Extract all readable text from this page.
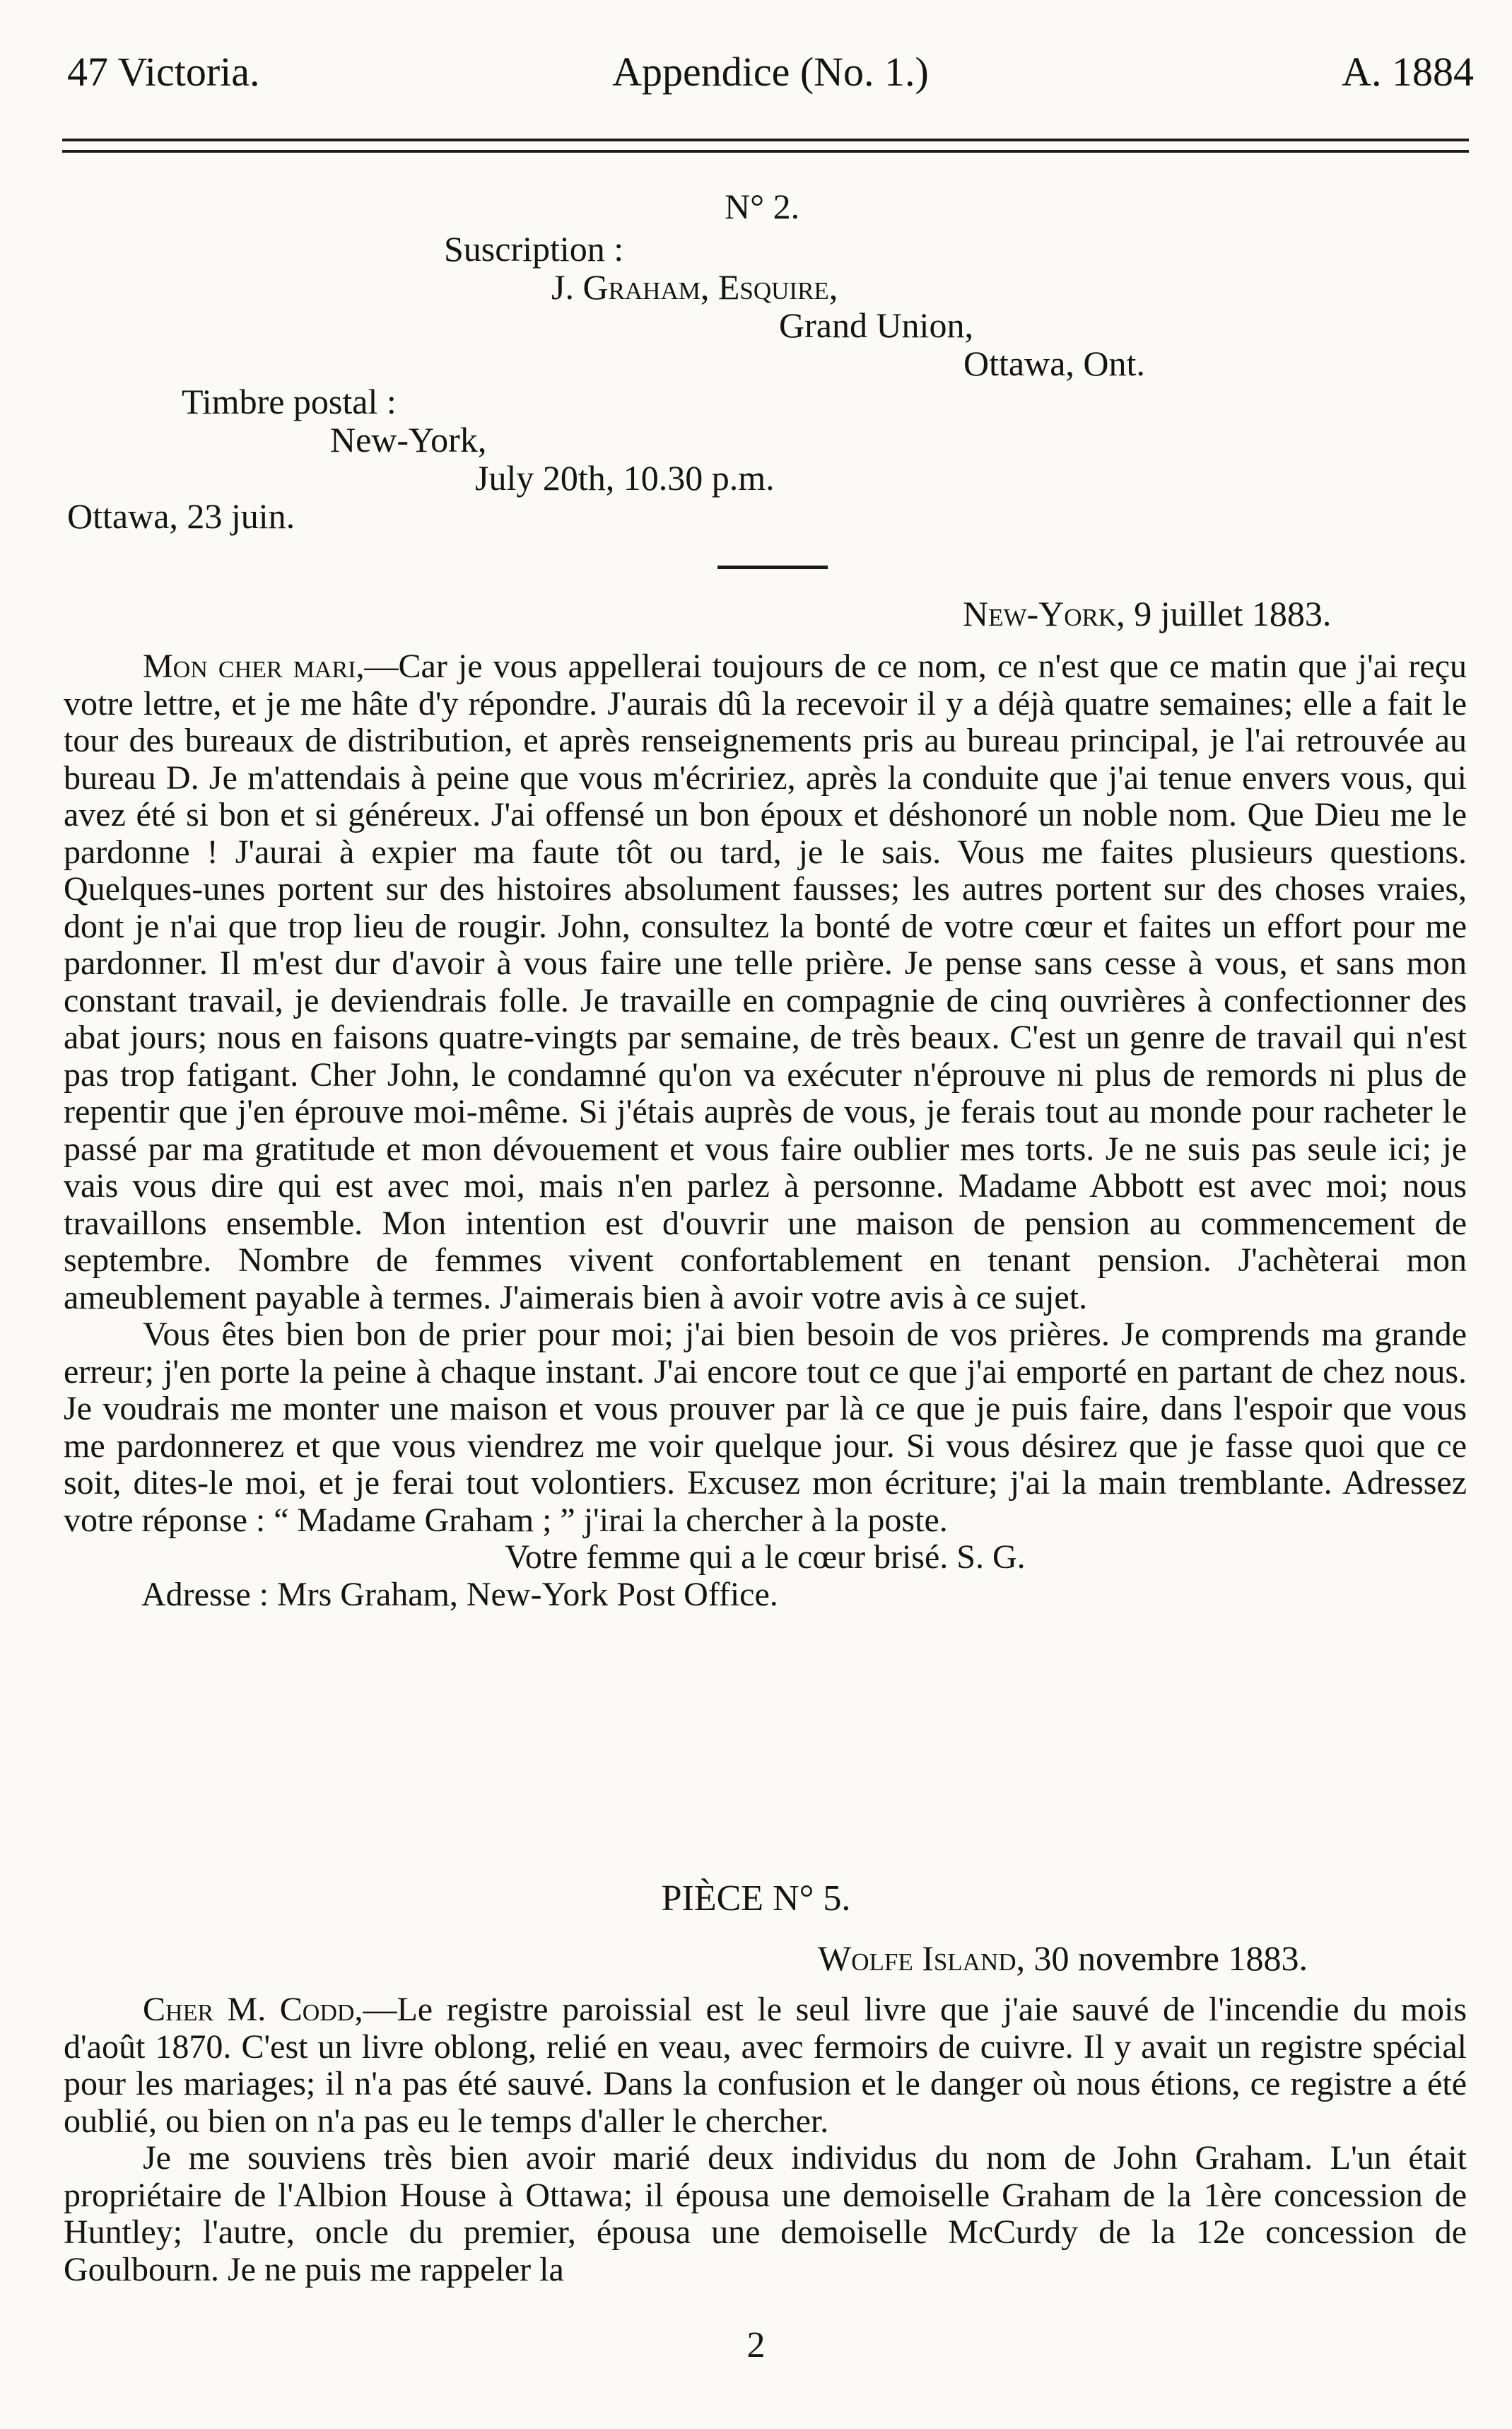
47 Victoria.	Appendice (No. 1.)	A. 1884
N° 2.
Suscription :
J. Graham, Esquire,
Grand Union,
Ottawa, Ont.
Timbre postal :
New-York,
July 20th, 10.30 p.m.
Ottawa, 23 juin.
New-York, 9 juillet 1883.

Mon cher mari,—Car je vous appellerai toujours de ce nom, ce n'est que ce matin que j'ai reçu votre lettre, et je me hâte d'y répondre. J'aurais dû la recevoir il y a déjà quatre semaines; elle a fait le tour des bureaux de distribution, et après renseignements pris au bureau principal, je l'ai retrouvée au bureau D. Je m'attendais à peine que vous m'écririez, après la conduite que j'ai tenue envers vous, qui avez été si bon et si généreux. J'ai offensé un bon époux et déshonoré un noble nom. Que Dieu me le pardonne ! J'aurai à expier ma faute tôt ou tard, je le sais. Vous me faites plusieurs questions. Quelques-unes portent sur des histoires absolument fausses; les autres portent sur des choses vraies, dont je n'ai que trop lieu de rougir. John, consultez la bonté de votre cœur et faites un effort pour me pardonner. Il m'est dur d'avoir à vous faire une telle prière. Je pense sans cesse à vous, et sans mon constant travail, je deviendrais folle. Je travaille en compagnie de cinq ouvrières à confectionner des abat jours; nous en faisons quatre-vingts par semaine, de très beaux. C'est un genre de travail qui n'est pas trop fatigant. Cher John, le condamné qu'on va exécuter n'éprouve ni plus de remords ni plus de repentir que j'en éprouve moi-même. Si j'étais auprès de vous, je ferais tout au monde pour racheter le passé par ma gratitude et mon dévouement et vous faire oublier mes torts. Je ne suis pas seule ici; je vais vous dire qui est avec moi, mais n'en parlez à personne. Madame Abbott est avec moi; nous travaillons ensemble. Mon intention est d'ouvrir une maison de pension au commencement de septembre. Nombre de femmes vivent confortablement en tenant pension. J'achèterai mon ameublement payable à termes. J'aimerais bien à avoir votre avis à ce sujet.

Vous êtes bien bon de prier pour moi; j'ai bien besoin de vos prières. Je comprends ma grande erreur; j'en porte la peine à chaque instant. J'ai encore tout ce que j'ai emporté en partant de chez nous. Je voudrais me monter une maison et vous prouver par là ce que je puis faire, dans l'espoir que vous me pardonnerez et que vous viendrez me voir quelque jour. Si vous désirez que je fasse quoi que ce soit, dites-le moi, et je ferai tout volontiers. Excusez mon écriture; j'ai la main tremblante. Adressez votre réponse : “ Madame Graham ; ” j'irai la chercher à la poste.

Votre femme qui a le cœur brisé. S. G.

Adresse : Mrs Graham, New-York Post Office.

PIÈCE N° 5.
Wolfe Island, 30 novembre 1883.

Cher M. Codd,—Le registre paroissial est le seul livre que j'aie sauvé de l'incendie du mois d'août 1870. C'est un livre oblong, relié en veau, avec fermoirs de cuivre. Il y avait un registre spécial pour les mariages; il n'a pas été sauvé. Dans la confusion et le danger où nous étions, ce registre a été oublié, ou bien on n'a pas eu le temps d'aller le chercher.

Je me souviens très bien avoir marié deux individus du nom de John Graham. L'un était propriétaire de l'Albion House à Ottawa; il épousa une demoiselle Graham de la 1ère concession de Huntley; l'autre, oncle du premier, épousa une demoiselle McCurdy de la 12e concession de Goulbourn. Je ne puis me rappeler la

2
